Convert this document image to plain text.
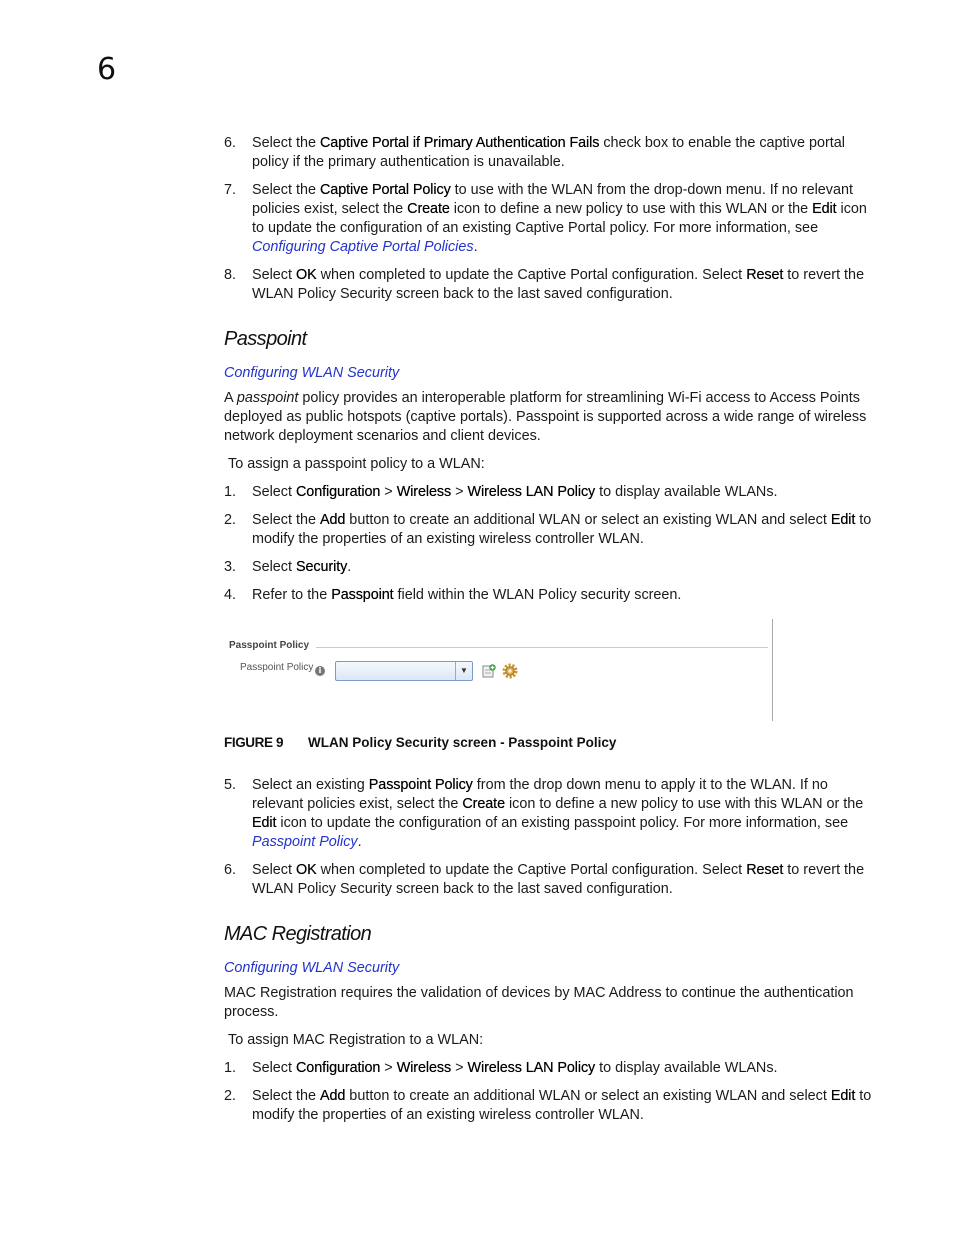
6
6. Select the Captive Portal if Primary Authentication Fails check box to enable the captive portal policy if the primary authentication is unavailable.
7. Select the Captive Portal Policy to use with the WLAN from the drop-down menu. If no relevant policies exist, select the Create icon to define a new policy to use with this WLAN or the Edit icon to update the configuration of an existing Captive Portal policy. For more information, see Configuring Captive Portal Policies.
8. Select OK when completed to update the Captive Portal configuration. Select Reset to revert the WLAN Policy Security screen back to the last saved configuration.
Passpoint
Configuring WLAN Security
A passpoint policy provides an interoperable platform for streamlining Wi-Fi access to Access Points deployed as public hotspots (captive portals). Passpoint is supported across a wide range of wireless network deployment scenarios and client devices.
To assign a passpoint policy to a WLAN:
1. Select Configuration > Wireless > Wireless LAN Policy to display available WLANs.
2. Select the Add button to create an additional WLAN or select an existing WLAN and select Edit to modify the properties of an existing wireless controller WLAN.
3. Select Security.
4. Refer to the Passpoint field within the WLAN Policy security screen.
Passpoint Policy
Passpoint Policy i	▼
FIGURE 9 WLAN Policy Security screen - Passpoint Policy
5. Select an existing Passpoint Policy from the drop down menu to apply it to the WLAN. If no relevant policies exist, select the Create icon to define a new policy to use with this WLAN or the Edit icon to update the configuration of an existing passpoint policy. For more information, see Passpoint Policy.
6. Select OK when completed to update the Captive Portal configuration. Select Reset to revert the WLAN Policy Security screen back to the last saved configuration.
MAC Registration
Configuring WLAN Security
MAC Registration requires the validation of devices by MAC Address to continue the authentication process.
To assign MAC Registration to a WLAN:
1. Select Configuration > Wireless > Wireless LAN Policy to display available WLANs.
2. Select the Add button to create an additional WLAN or select an existing WLAN and select Edit to modify the properties of an existing wireless controller WLAN.
